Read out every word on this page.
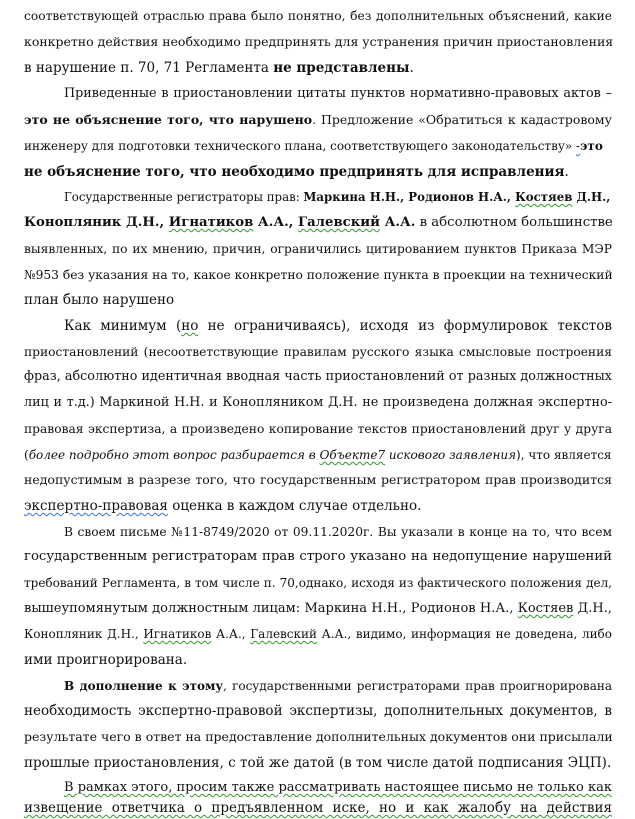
соответствующей отраслью права было понятно, без дополнительных объяснений, какие
конкретно действия необходимо предпринять для устранения причин приостановления
в нарушение п. 70, 71 Регламента не представлены.
Приведенные в приостановлении цитаты пунктов нормативно-правовых актов –
это не объяснение того, что нарушено. Предложение «Обратиться к кадастровому
инженеру для подготовки технического плана, соответствующего законодательству» -это
не объяснение того, что необходимо предпринять для исправления.
Государственные регистраторы прав: Маркина Н.Н., Родионов Н.А., Костяев Д.Н.,
Конопляник Д.Н., Игнатиков А.А., Галевский А.А. в абсолютном большинстве
выявленных, по их мнению, причин, ограничились цитированием пунктов Приказа МЭР
№953 без указания на то, какое конкретно положение пункта в проекции на технический
план было нарушено
Как минимум (но не ограничиваясь), исходя из формулировок текстов
приостановлений (несоответствующие правилам русского языка смысловые построения
фраз, абсолютно идентичная вводная часть приостановлений от разных должностных
лиц и т.д.) Маркиной Н.Н. и Конопляником Д.Н. не произведена должная экспертно-
правовая экспертиза, а произведено копирование текстов приостановлений друг у друга
(более подробно этот вопрос разбирается в Объекте7 искового заявления), что является
недопустимым в разрезе того, что государственным регистратором прав производится
экспертно-правовая оценка в каждом случае отдельно.
В своем письме №11-8749/2020 от 09.11.2020г. Вы указали в конце на то, что всем
государственным регистраторам прав строго указано на недопущение нарушений
требований Регламента, в том числе п. 70,однако, исходя из фактического положения дел,
вышеупомянутым должностным лицам: Маркина Н.Н., Родионов Н.А., Костяев Д.Н.,
Конопляник Д.Н., Игнатиков А.А., Галевский А.А., видимо, информация не доведена, либо
ими проигнорирована.
В дополнение к этому, государственными регистраторами прав проигнорирована
необходимость экспертно-правовой экспертизы, дополнительных документов, в
результате чего в ответ на предоставление дополнительных документов они присылали
прошлые приостановления, с той же датой (в том числе датой подписания ЭЦП).
В рамках этого, просим также рассматривать настоящее письмо не только как
извещение ответчика о предъявленном иске, но и как жалобу на действия
